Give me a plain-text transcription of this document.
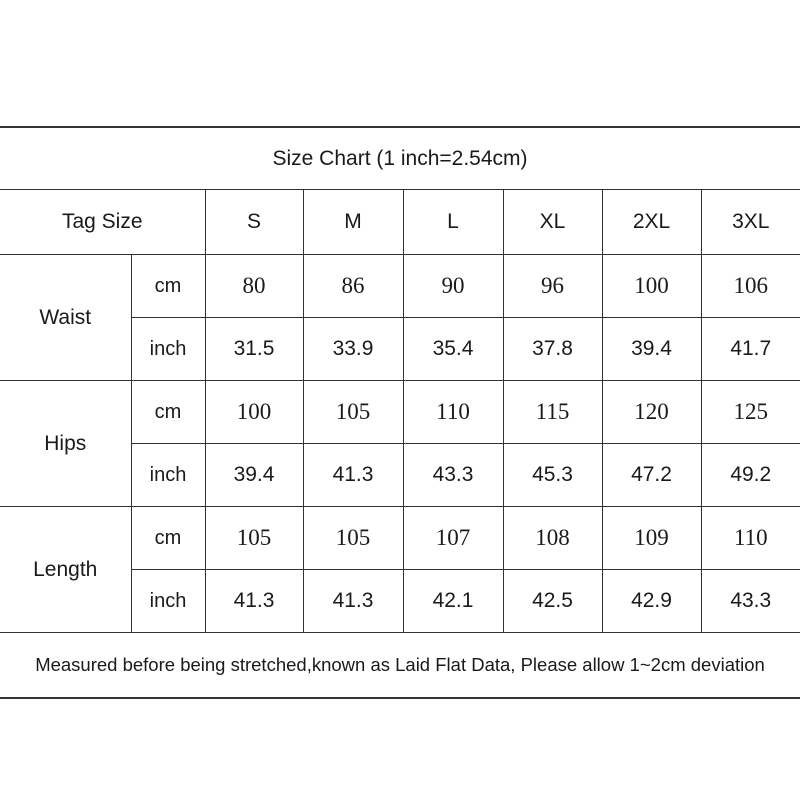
Size Chart (1 inch=2.54cm)							
Tag Size		S	M	L	XL	2XL	3XL
Waist	cm	80	86	90	96	100	106
	inch	31.5	33.9	35.4	37.8	39.4	41.7
Hips	cm	100	105	110	115	120	125
	inch	39.4	41.3	43.3	45.3	47.2	49.2
Length	cm	105	105	107	108	109	110
	inch	41.3	41.3	42.1	42.5	42.9	43.3
Measured before being stretched,known as Laid Flat Data, Please allow 1~2cm deviation							
